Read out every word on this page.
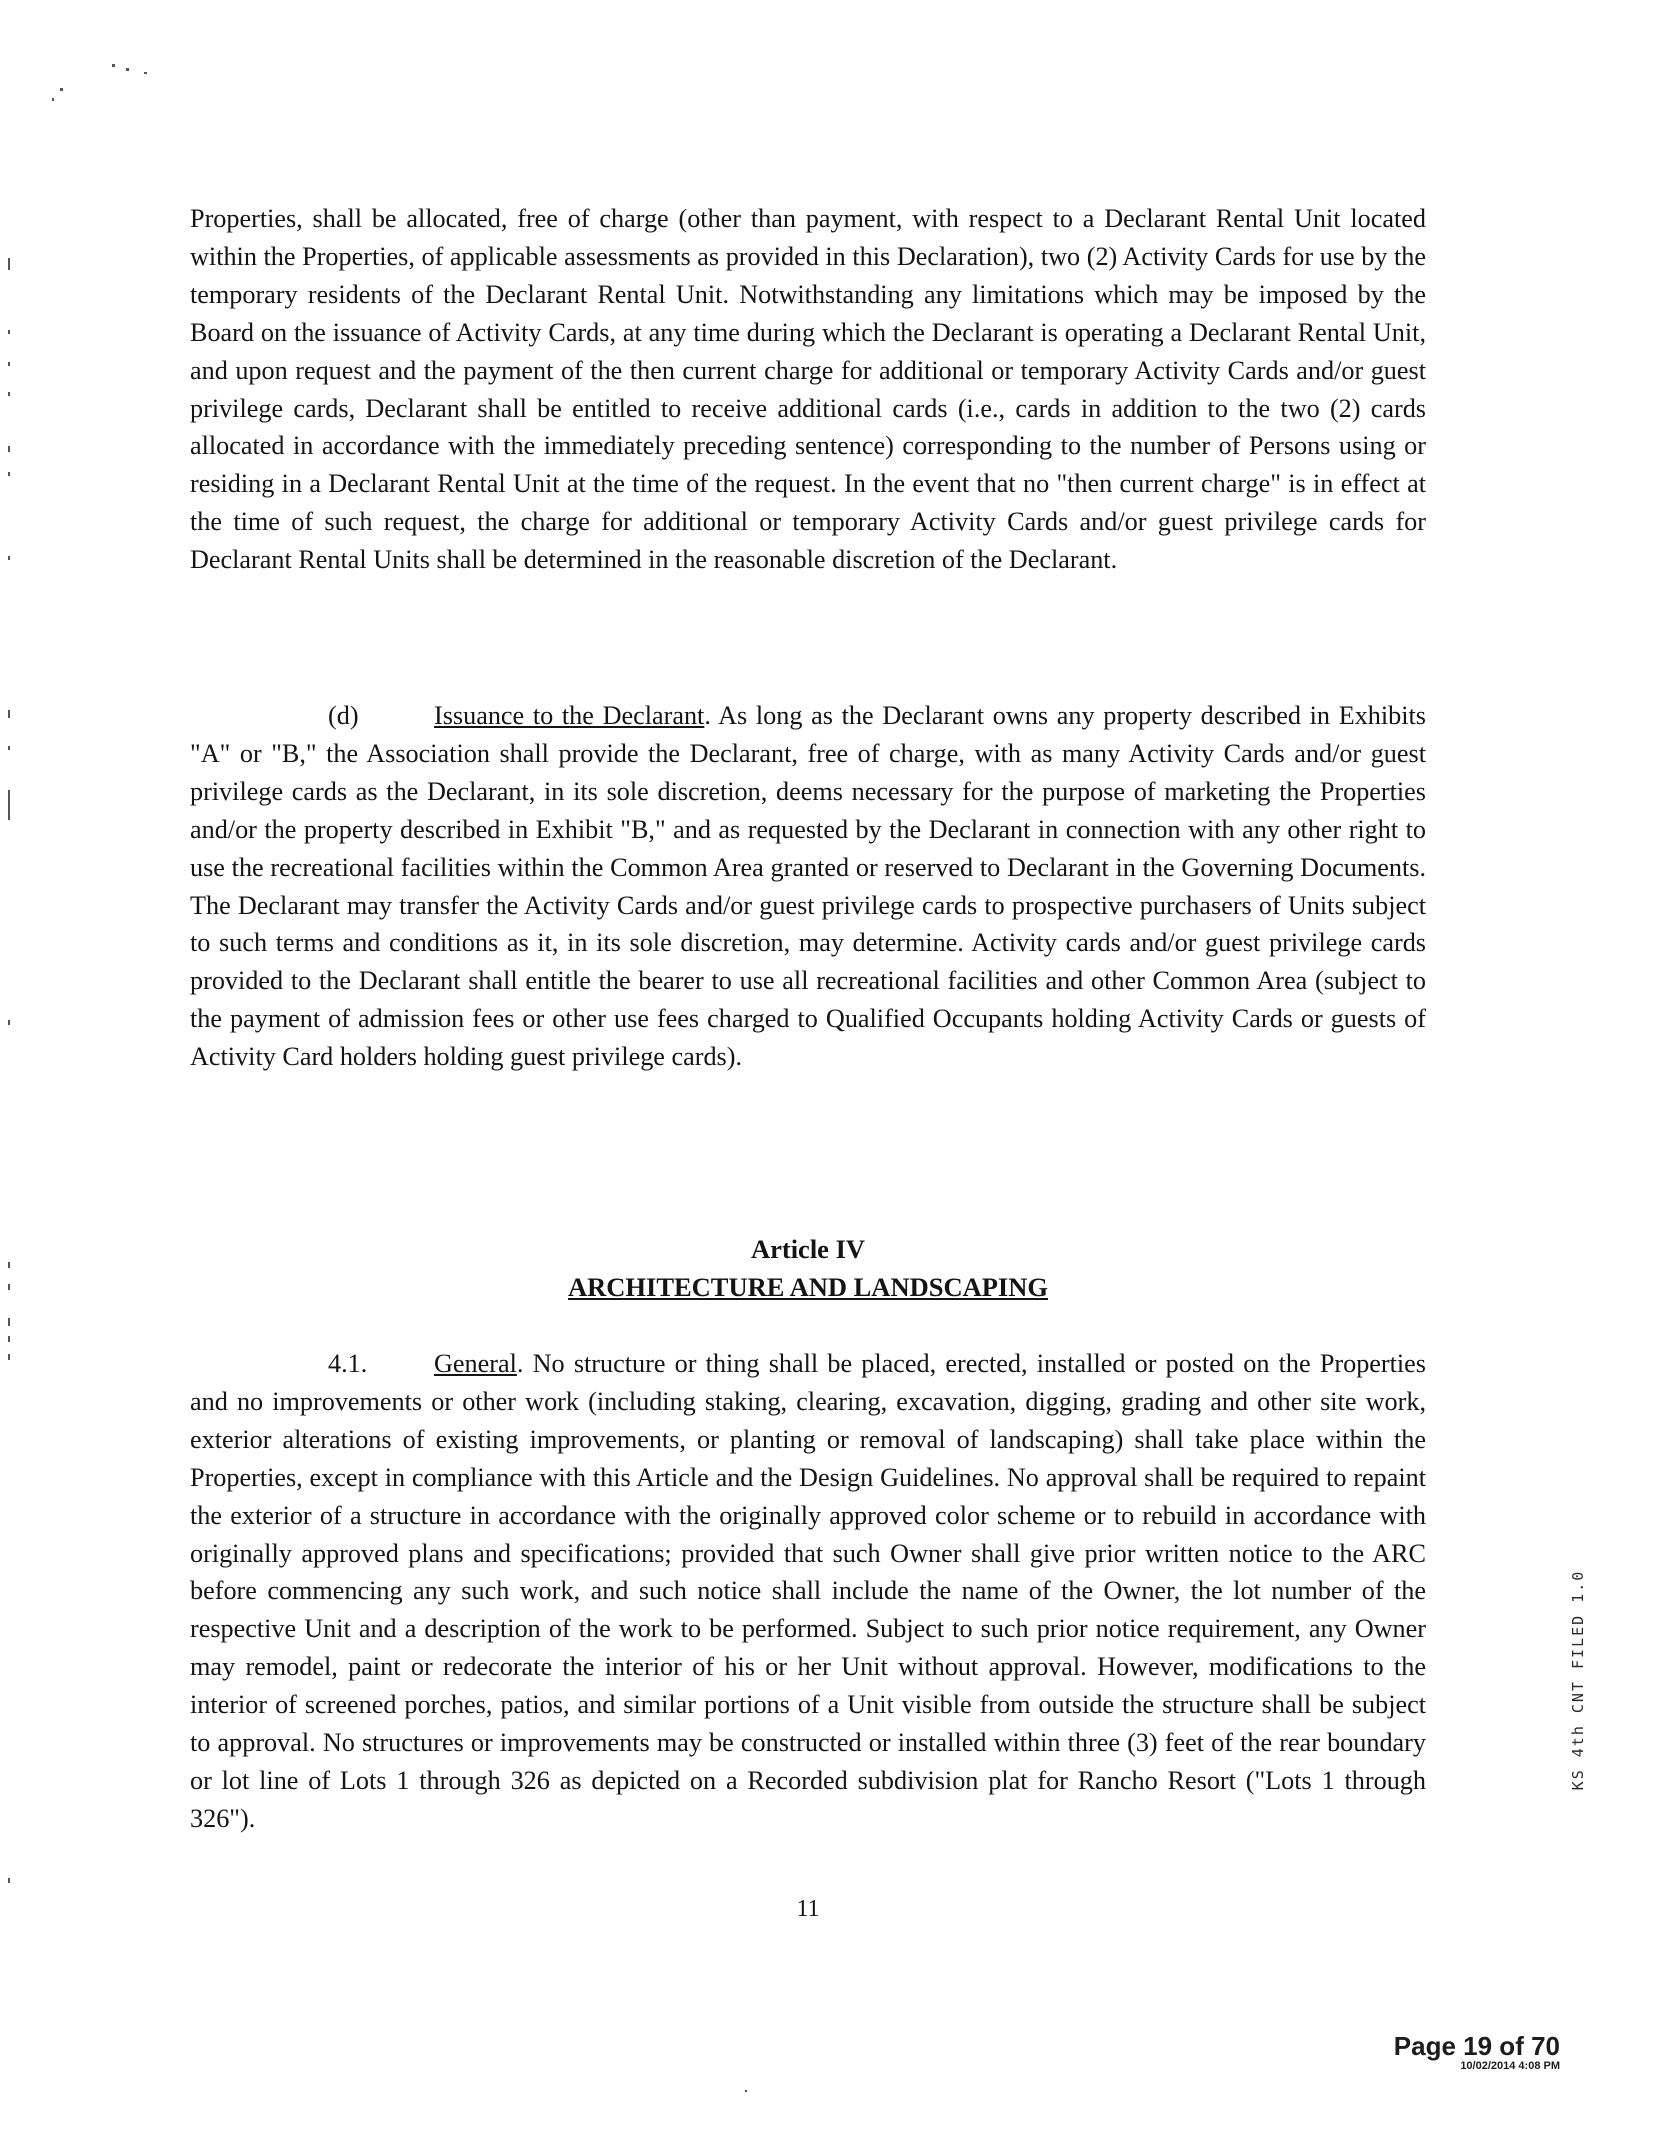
Properties, shall be allocated, free of charge (other than payment, with respect to a Declarant Rental Unit located within the Properties, of applicable assessments as provided in this Declaration), two (2) Activity Cards for use by the temporary residents of the Declarant Rental Unit. Notwithstanding any limitations which may be imposed by the Board on the issuance of Activity Cards, at any time during which the Declarant is operating a Declarant Rental Unit, and upon request and the payment of the then current charge for additional or temporary Activity Cards and/or guest privilege cards, Declarant shall be entitled to receive additional cards (i.e., cards in addition to the two (2) cards allocated in accordance with the immediately preceding sentence) corresponding to the number of Persons using or residing in a Declarant Rental Unit at the time of the request. In the event that no "then current charge" is in effect at the time of such request, the charge for additional or temporary Activity Cards and/or guest privilege cards for Declarant Rental Units shall be determined in the reasonable discretion of the Declarant.

(d)	Issuance to the Declarant. As long as the Declarant owns any property described in Exhibits "A" or "B," the Association shall provide the Declarant, free of charge, with as many Activity Cards and/or guest privilege cards as the Declarant, in its sole discretion, deems necessary for the purpose of marketing the Properties and/or the property described in Exhibit "B," and as requested by the Declarant in connection with any other right to use the recreational facilities within the Common Area granted or reserved to Declarant in the Governing Documents. The Declarant may transfer the Activity Cards and/or guest privilege cards to prospective purchasers of Units subject to such terms and conditions as it, in its sole discretion, may determine. Activity cards and/or guest privilege cards provided to the Declarant shall entitle the bearer to use all recreational facilities and other Common Area (subject to the payment of admission fees or other use fees charged to Qualified Occupants holding Activity Cards or guests of Activity Card holders holding guest privilege cards).

Article IV
ARCHITECTURE AND LANDSCAPING

4.1.	General. No structure or thing shall be placed, erected, installed or posted on the Properties and no improvements or other work (including staking, clearing, excavation, digging, grading and other site work, exterior alterations of existing improvements, or planting or removal of landscaping) shall take place within the Properties, except in compliance with this Article and the Design Guidelines. No approval shall be required to repaint the exterior of a structure in accordance with the originally approved color scheme or to rebuild in accordance with originally approved plans and specifications; provided that such Owner shall give prior written notice to the ARC before commencing any such work, and such notice shall include the name of the Owner, the lot number of the respective Unit and a description of the work to be performed. Subject to such prior notice requirement, any Owner may remodel, paint or redecorate the interior of his or her Unit without approval. However, modifications to the interior of screened porches, patios, and similar portions of a Unit visible from outside the structure shall be subject to approval. No structures or improvements may be constructed or installed within three (3) feet of the rear boundary or lot line of Lots 1 through 326 as depicted on a Recorded subdivision plat for Rancho Resort ("Lots 1 through 326").

11
Page 19 of 70
10/02/2014 4:08 PM
KS 4th CNT FILED 1.0
